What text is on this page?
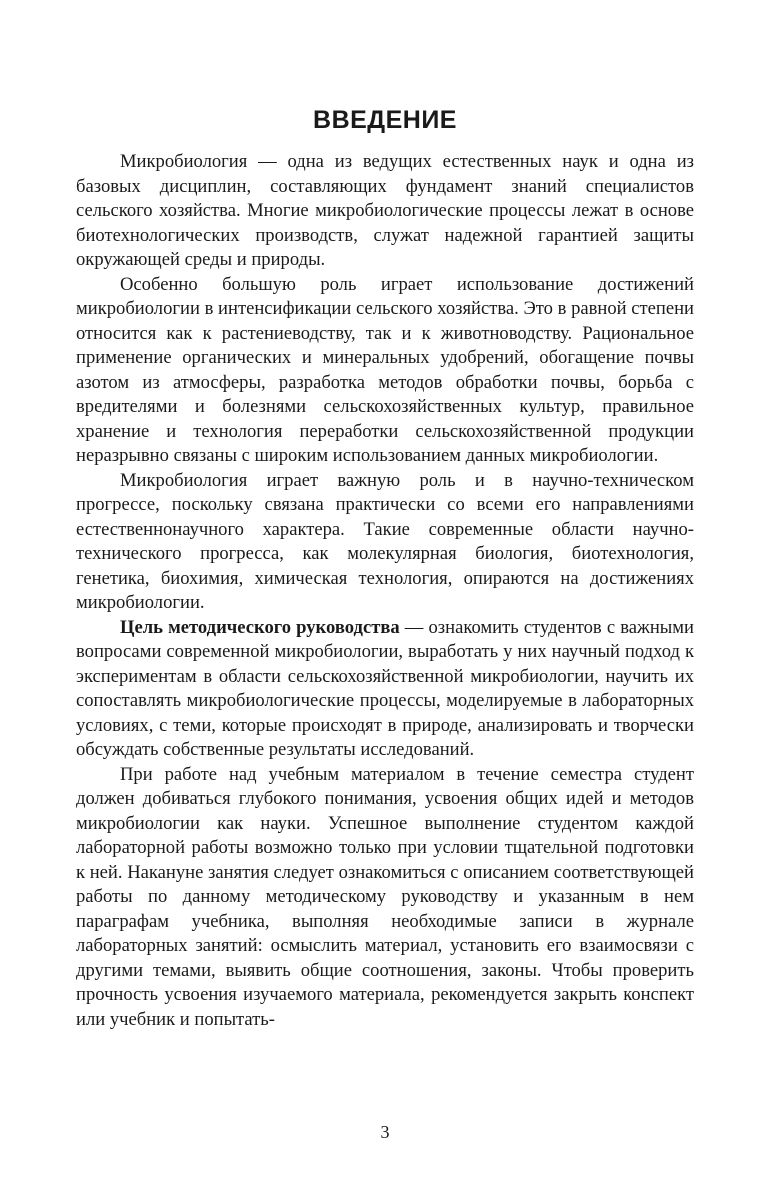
ВВЕДЕНИЕ

Микробиология — одна из ведущих естественных наук и одна из базовых дисциплин, составляющих фундамент знаний специалистов сельского хозяйства. Многие микробиологические процессы лежат в основе биотехнологических производств, служат надежной гарантией защиты окружающей среды и природы.

Особенно большую роль играет использование достижений микробиологии в интенсификации сельского хозяйства. Это в равной степени относится как к растениеводству, так и к животноводству. Рациональное применение органических и минеральных удобрений, обогащение почвы азотом из атмосферы, разработка методов обработки почвы, борьба с вредителями и болезнями сельскохозяйственных культур, правильное хранение и технология переработки сельскохозяйственной продукции неразрывно связаны с широким использованием данных микробиологии.

Микробиология играет важную роль и в научно-техническом прогрессе, поскольку связана практически со всеми его направлениями естественнонаучного характера. Такие современные области научно-технического прогресса, как молекулярная биология, биотехнология, генетика, биохимия, химическая технология, опираются на достижениях микробиологии.

Цель методического руководства — ознакомить студентов с важными вопросами современной микробиологии, выработать у них научный подход к экспериментам в области сельскохозяйственной микробиологии, научить их сопоставлять микробиологические процессы, моделируемые в лабораторных условиях, с теми, которые происходят в природе, анализировать и творчески обсуждать собственные результаты исследований.

При работе над учебным материалом в течение семестра студент должен добиваться глубокого понимания, усвоения общих идей и методов микробиологии как науки. Успешное выполнение студентом каждой лабораторной работы возможно только при условии тщательной подготовки к ней. Накануне занятия следует ознакомиться с описанием соответствующей работы по данному методическому руководству и указанным в нем параграфам учебника, выполняя необходимые записи в журнале лабораторных занятий: осмыслить материал, установить его взаимосвязи с другими темами, выявить общие соотношения, законы. Чтобы проверить прочность усвоения изучаемого материала, рекомендуется закрыть конспект или учебник и попытать-

3
